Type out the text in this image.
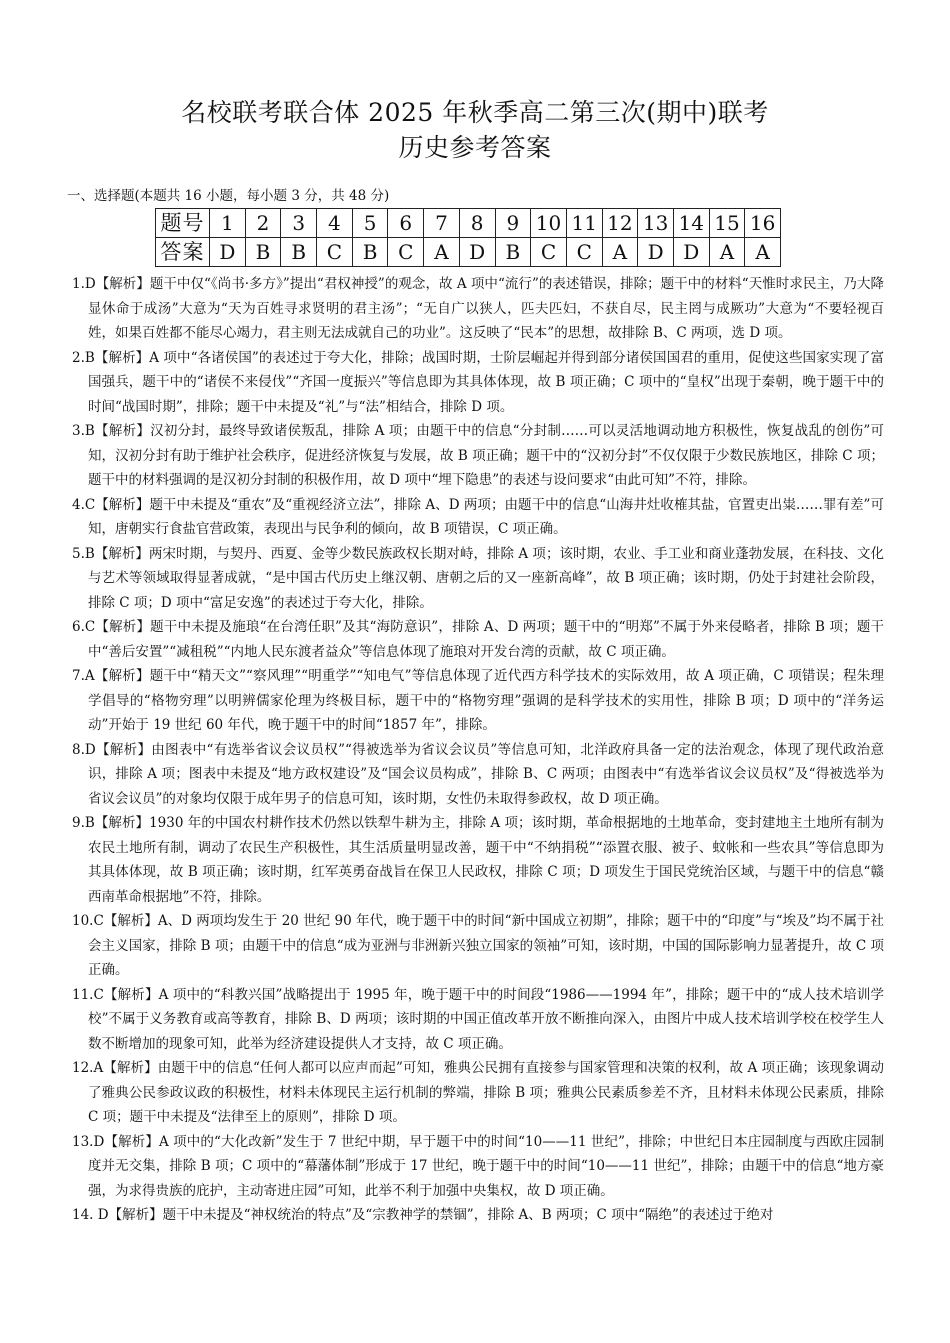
名校联考联合体 2025 年秋季高二第三次(期中)联考
历史参考答案
一、选择题(本题共 16 小题，每小题 3 分，共 48 分)
题号	1	2	3	4	5	6	7	8	9	10	11	12	13	14	15	16
答案	D	B	B	C	B	C	A	D	B	C	C	A	D	D	A	A

1.D【解析】题干中仅“《尚书·多方》”提出“君权神授”的观念，故 A 项中“流行”的表述错误，排除；题干中的材料“天惟时求民主，乃大降显休命于成汤”大意为“天为百姓寻求贤明的君主汤”；“无自广以狭人，匹夫匹妇，不获自尽，民主罔与成厥功”大意为“不要轻视百姓，如果百姓都不能尽心竭力，君主则无法成就自己的功业”。这反映了“民本”的思想，故排除 B、C 两项，选 D 项。

2.B【解析】A 项中“各诸侯国”的表述过于夸大化，排除；战国时期，士阶层崛起并得到部分诸侯国国君的重用，促使这些国家实现了富国强兵，题干中的“诸侯不来侵伐”“齐国一度振兴”等信息即为其具体体现，故 B 项正确；C 项中的“皇权”出现于秦朝，晚于题干中的时间“战国时期”，排除；题干中未提及“礼”与“法”相结合，排除 D 项。

3.B【解析】汉初分封，最终导致诸侯叛乱，排除 A 项；由题干中的信息“分封制……可以灵活地调动地方积极性，恢复战乱的创伤”可知，汉初分封有助于维护社会秩序，促进经济恢复与发展，故 B 项正确；题干中的“汉初分封”不仅仅限于少数民族地区，排除 C 项；题干中的材料强调的是汉初分封制的积极作用，故 D 项中“埋下隐患”的表述与设问要求“由此可知”不符，排除。

4.C【解析】题干中未提及“重农”及“重视经济立法”，排除 A、D 两项；由题干中的信息“山海井灶收榷其盐，官置吏出粜……罪有差”可知，唐朝实行食盐官营政策，表现出与民争利的倾向，故 B 项错误，C 项正确。

5.B【解析】两宋时期，与契丹、西夏、金等少数民族政权长期对峙，排除 A 项；该时期，农业、手工业和商业蓬勃发展，在科技、文化与艺术等领域取得显著成就，“是中国古代历史上继汉朝、唐朝之后的又一座新高峰”，故 B 项正确；该时期，仍处于封建社会阶段，排除 C 项；D 项中“富足安逸”的表述过于夸大化，排除。

6.C【解析】题干中未提及施琅“在台湾任职”及其“海防意识”，排除 A、D 两项；题干中的“明郑”不属于外来侵略者，排除 B 项；题干中“善后安置”“减租税”“内地人民东渡者益众”等信息体现了施琅对开发台湾的贡献，故 C 项正确。

7.A【解析】题干中“精天文”“察风理”“明重学”“知电气”等信息体现了近代西方科学技术的实际效用，故 A 项正确，C 项错误；程朱理学倡导的“格物穷理”以明辨儒家伦理为终极目标，题干中的“格物穷理”强调的是科学技术的实用性，排除 B 项；D 项中的“洋务运动”开始于 19 世纪 60 年代，晚于题干中的时间“1857 年”，排除。

8.D【解析】由图表中“有选举省议会议员权”“得被选举为省议会议员”等信息可知，北洋政府具备一定的法治观念，体现了现代政治意识，排除 A 项；图表中未提及“地方政权建设”及“国会议员构成”，排除 B、C 两项；由图表中“有选举省议会议员权”及“得被选举为省议会议员”的对象均仅限于成年男子的信息可知，该时期，女性仍未取得参政权，故 D 项正确。

9.B【解析】1930 年的中国农村耕作技术仍然以铁犁牛耕为主，排除 A 项；该时期，革命根据地的土地革命，变封建地主土地所有制为农民土地所有制，调动了农民生产积极性，其生活质量明显改善，题干中“不纳捐税”“添置衣服、被子、蚊帐和一些农具”等信息即为其具体体现，故 B 项正确；该时期，红军英勇奋战旨在保卫人民政权，排除 C 项；D 项发生于国民党统治区域，与题干中的信息“赣西南革命根据地”不符，排除。

10.C【解析】A、D 两项均发生于 20 世纪 90 年代，晚于题干中的时间“新中国成立初期”，排除；题干中的“印度”与“埃及”均不属于社会主义国家，排除 B 项；由题干中的信息“成为亚洲与非洲新兴独立国家的领袖”可知，该时期，中国的国际影响力显著提升，故 C 项正确。

11.C【解析】A 项中的“科教兴国”战略提出于 1995 年，晚于题干中的时间段“1986——1994 年”，排除；题干中的“成人技术培训学校”不属于义务教育或高等教育，排除 B、D 两项；该时期的中国正值改革开放不断推向深入，由图片中成人技术培训学校在校学生人数不断增加的现象可知，此举为经济建设提供人才支持，故 C 项正确。

12.A【解析】由题干中的信息“任何人都可以应声而起”可知，雅典公民拥有直接参与国家管理和决策的权利，故 A 项正确；该现象调动了雅典公民参政议政的积极性，材料未体现民主运行机制的弊端，排除 B 项；雅典公民素质参差不齐，且材料未体现公民素质，排除 C 项；题干中未提及“法律至上的原则”，排除 D 项。

13.D【解析】A 项中的“大化改新”发生于 7 世纪中期，早于题干中的时间“10——11 世纪”，排除；中世纪日本庄园制度与西欧庄园制度并无交集，排除 B 项；C 项中的“幕藩体制”形成于 17 世纪，晚于题干中的时间“10——11 世纪”，排除；由题干中的信息“地方豪强，为求得贵族的庇护，主动寄进庄园”可知，此举不利于加强中央集权，故 D 项正确。

14. D【解析】题干中未提及“神权统治的特点”及“宗教神学的禁锢”，排除 A、B 两项；C 项中“隔绝”的表述过于绝对
